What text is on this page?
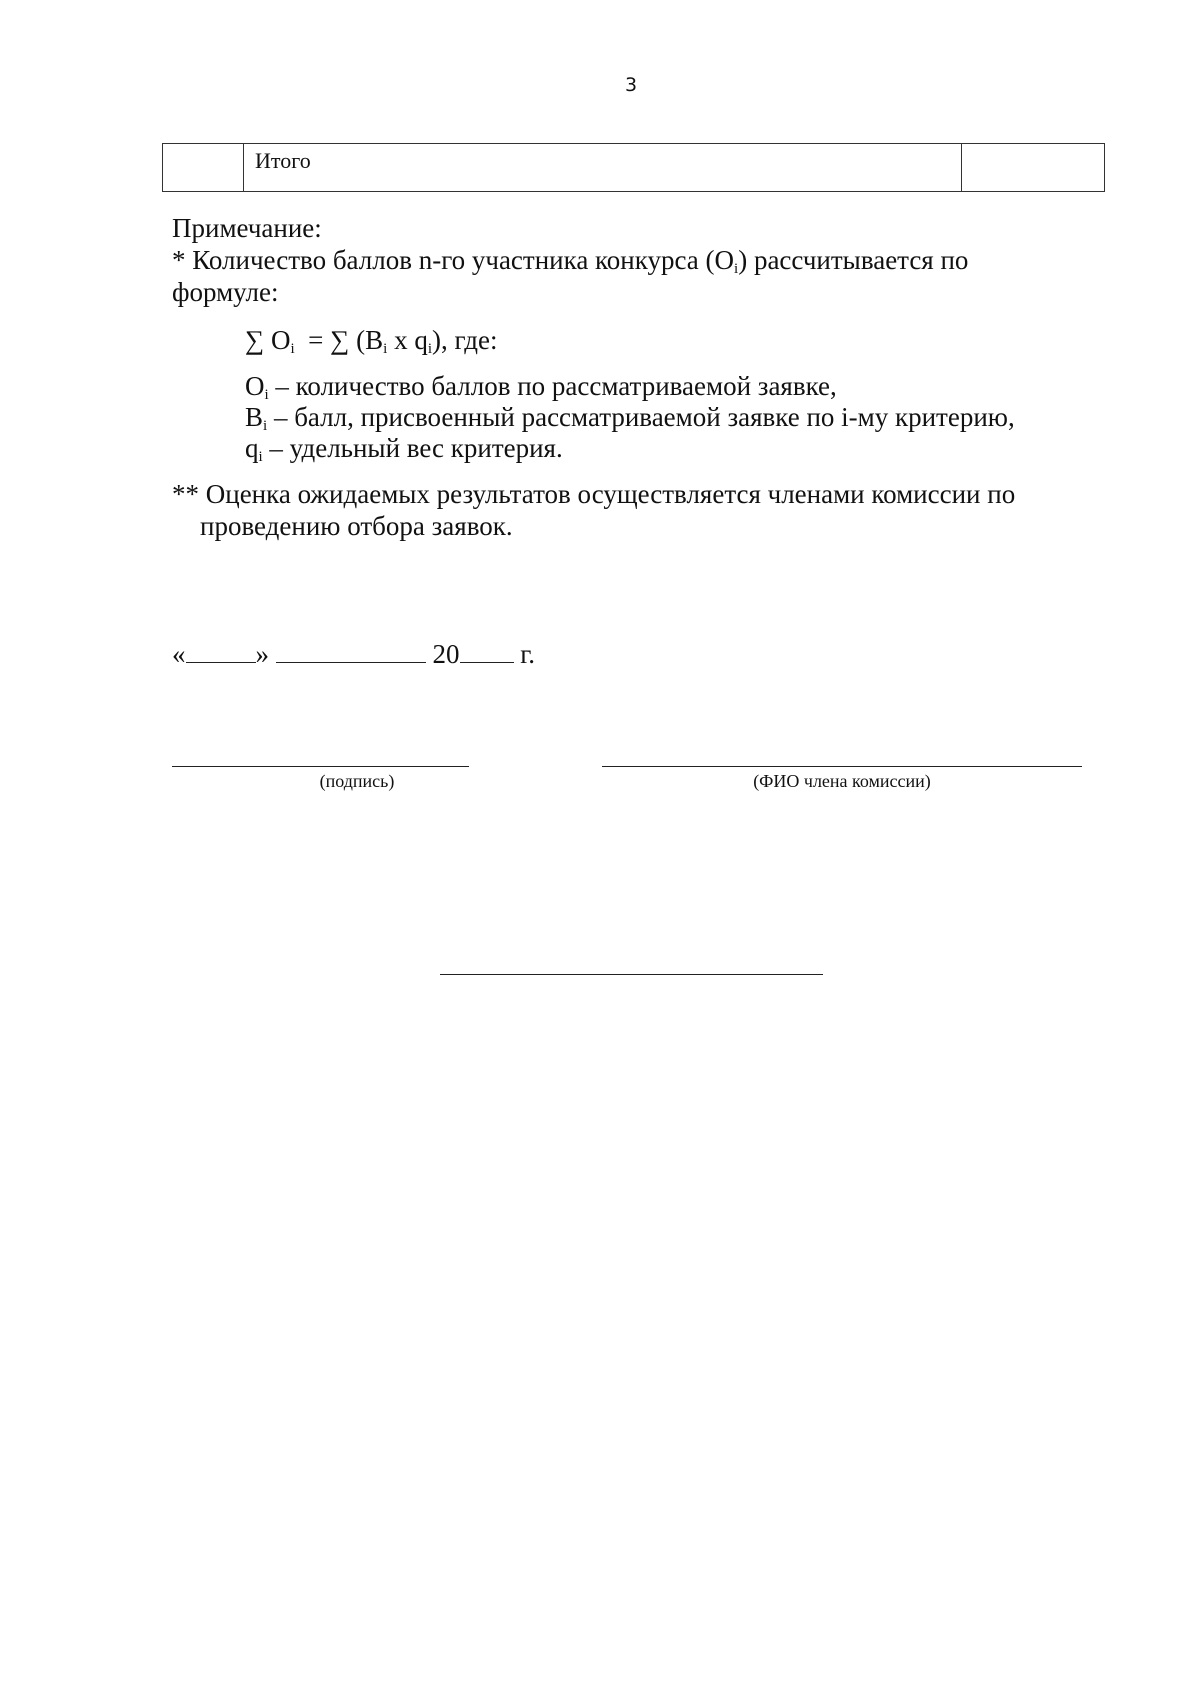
3
	Итого	
Примечание:
* Количество баллов n-го участника конкурса $(O_i)$ рассчитывается по
формуле:
∑ $O_i$ = ∑ ($B_i$ x $q_i$), где:
$O_i$ – количество баллов по рассматриваемой заявке,
$B_i$ – балл, присвоенный рассматриваемой заявке по i-му критерию,
$q_i$ – удельный вес критерия.
** Оценка ожидаемых результатов осуществляется членами комиссии по
проведению отбора заявок.
«	»	20 г.
(подпись)	(ФИО члена комиссии)
